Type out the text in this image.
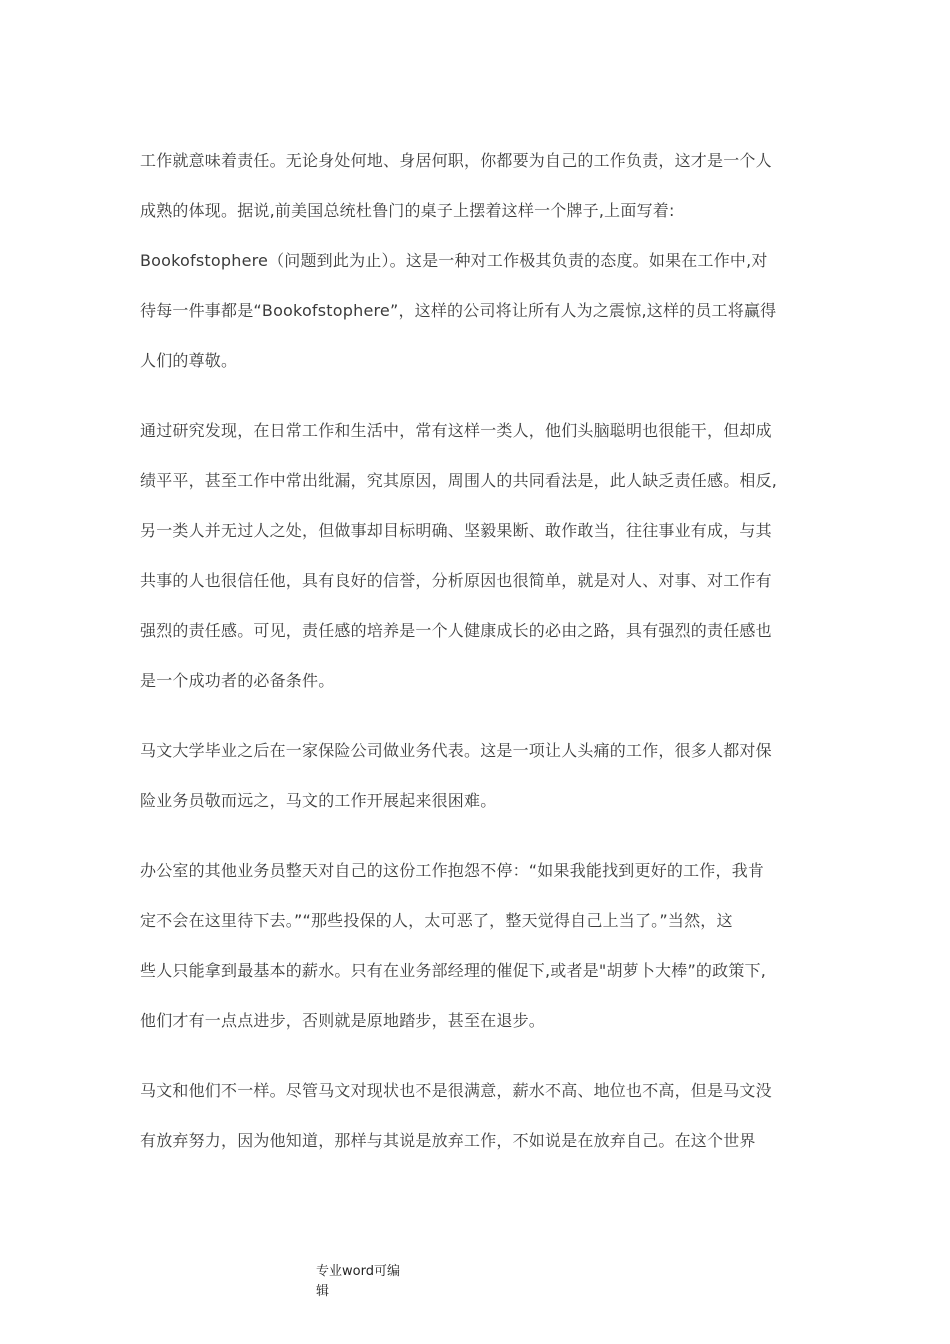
工作就意味着责任。无论身处何地、身居何职，你都要为自己的工作负责，这才是一个人
成熟的体现。据说,前美国总统杜鲁门的桌子上摆着这样一个牌子,上面写着:
Bookofstophere（问题到此为止）。这是一种对工作极其负责的态度。如果在工作中,对
待每一件事都是“Bookofstophere”，这样的公司将让所有人为之震惊,这样的员工将赢得
人们的尊敬。

通过研究发现，在日常工作和生活中，常有这样一类人，他们头脑聪明也很能干，但却成
绩平平，甚至工作中常出纰漏，究其原因，周围人的共同看法是，此人缺乏责任感。相反,
另一类人并无过人之处，但做事却目标明确、坚毅果断、敢作敢当，往往事业有成，与其
共事的人也很信任他，具有良好的信誉，分析原因也很简单，就是对人、对事、对工作有
强烈的责任感。可见，责任感的培养是一个人健康成长的必由之路，具有强烈的责任感也
是一个成功者的必备条件。

马文大学毕业之后在一家保险公司做业务代表。这是一项让人头痛的工作，很多人都对保
险业务员敬而远之，马文的工作开展起来很困难。

办公室的其他业务员整天对自己的这份工作抱怨不停：“如果我能找到更好的工作，我肯
定不会在这里待下去。”“那些投保的人，太可恶了，整天觉得自己上当了。”当然，这
些人只能拿到最基本的薪水。只有在业务部经理的催促下,或者是"胡萝卜大棒”的政策下,
他们才有一点点进步，否则就是原地踏步，甚至在退步。

马文和他们不一样。尽管马文对现状也不是很满意，薪水不高、地位也不高，但是马文没
有放弃努力，因为他知道，那样与其说是放弃工作，不如说是在放弃自己。在这个世界

专业word可编
辑
